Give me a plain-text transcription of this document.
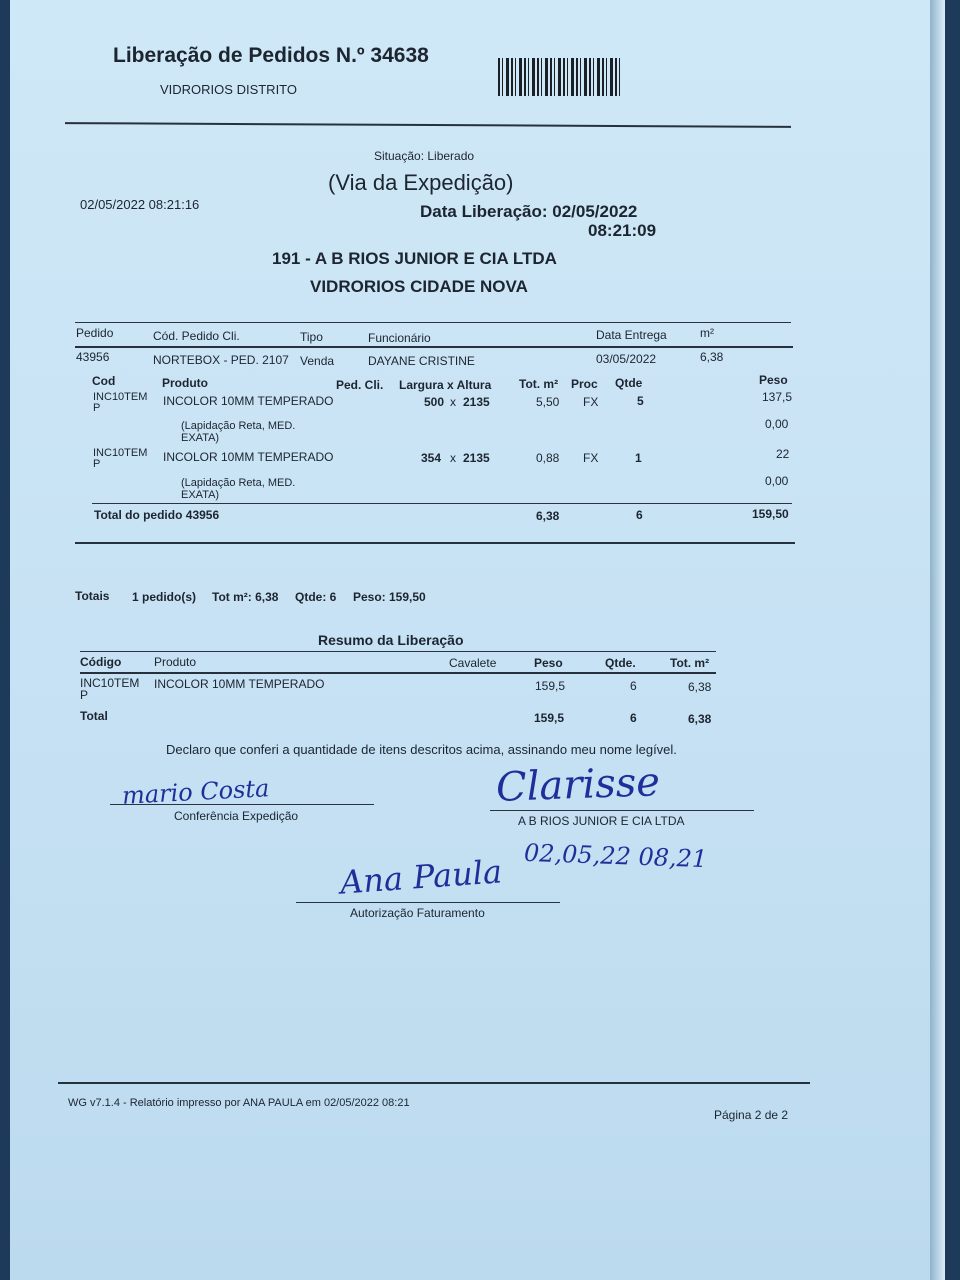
Liberação de Pedidos N.º 34638
VIDRORIOS DISTRITO
Situação: Liberado
(Via da Expedição)
02/05/2022 08:21:16	Data Liberação: 02/05/2022
08:21:09
191 - A B RIOS JUNIOR E CIA LTDA
VIDRORIOS CIDADE NOVA
Pedido	Cód. Pedido Cli.	Tipo	Funcionário	Data Entrega	m²
43956	NORTEBOX - PED. 2107 Venda	DAYANE CRISTINE	03/05/2022	6,38
Cod	Produto	Ped. Cli. Largura x Altura Tot. m² Proc Qtde	Peso
INC10TEM
P	INCOLOR 10MM TEMPERADO	500 x 2135	5,50 FX	5	137,5
(Lapidação Reta, MED.
EXATA)
0,00
INC10TEM
P	INCOLOR 10MM TEMPERADO	354 x 2135	0,88 FX	1	22
(Lapidação Reta, MED.
EXATA)
0,00
Total do pedido 43956	6,38	6	159,50
Totais 1 pedido(s) Tot m²: 6,38 Qtde: 6 Peso: 159,50
Resumo da Liberação
Código	Produto	Cavalete	Peso	Qtde.	Tot. m²
INC10TEM
P
INCOLOR 10MM TEMPERADO	159,5	6	6,38
Total	159,5	6	6,38
Declaro que conferi a quantidade de itens descritos acima, assinando meu nome legível.
mario Costa
Conferência Expedição
Clarisse
A B RIOS JUNIOR E CIA LTDA
02,05,22 08,21
Ana Paula
Autorização Faturamento
WG v7.1.4 - Relatório impresso por ANA PAULA em 02/05/2022 08:21
Página 2 de 2
